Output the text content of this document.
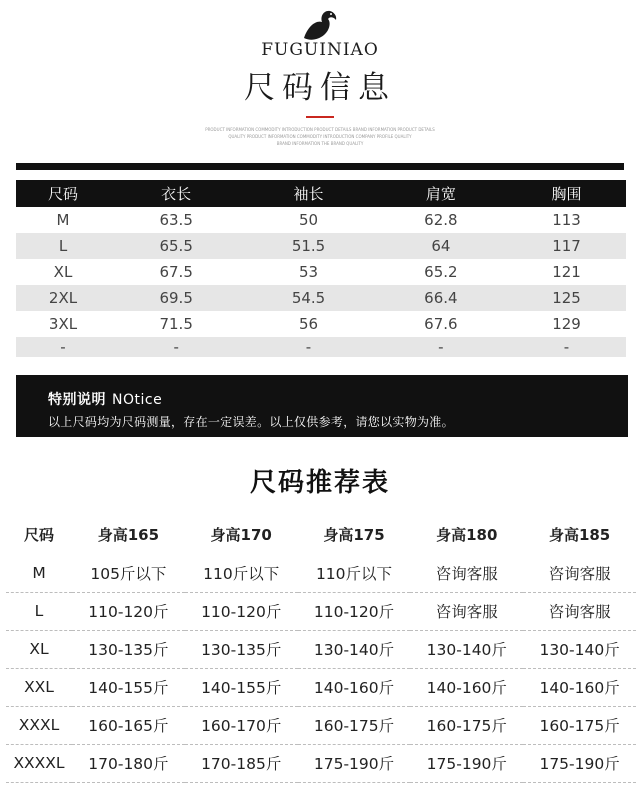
FUGUINIAO
尺码信息
PRODUCT INFORMATION COMMODITY INTRODUCTION PRODUCT DETAILS BRAND INFORMATION PRODUCT DETAILS
QUALITY PRODUCT INFORMATION COMMODITY INTRODUCTION COMPANY PROFILE QUALITY
BRAND INFORMATION THE BRAND QUALITY
尺码	衣长	袖长	肩宽	胸围
M	63.5	50	62.8	113
L	65.5	51.5	64	117
XL	67.5	53	65.2	121
2XL	69.5	54.5	66.4	125
3XL	71.5	56	67.6	129
-	-	-	-	-
特别说明 NOtice
以上尺码均为尺码测量，存在一定误差。以上仅供参考，请您以实物为准。
尺码推荐表
尺码	身高165	身高170	身高175	身高180	身高185
M	105斤以下	110斤以下	110斤以下	咨询客服	咨询客服
L	110-120斤	110-120斤	110-120斤	咨询客服	咨询客服
XL	130-135斤	130-135斤	130-140斤	130-140斤	130-140斤
XXL	140-155斤	140-155斤	140-160斤	140-160斤	140-160斤
XXXL	160-165斤	160-170斤	160-175斤	160-175斤	160-175斤
XXXXL	170-180斤	170-185斤	175-190斤	175-190斤	175-190斤
